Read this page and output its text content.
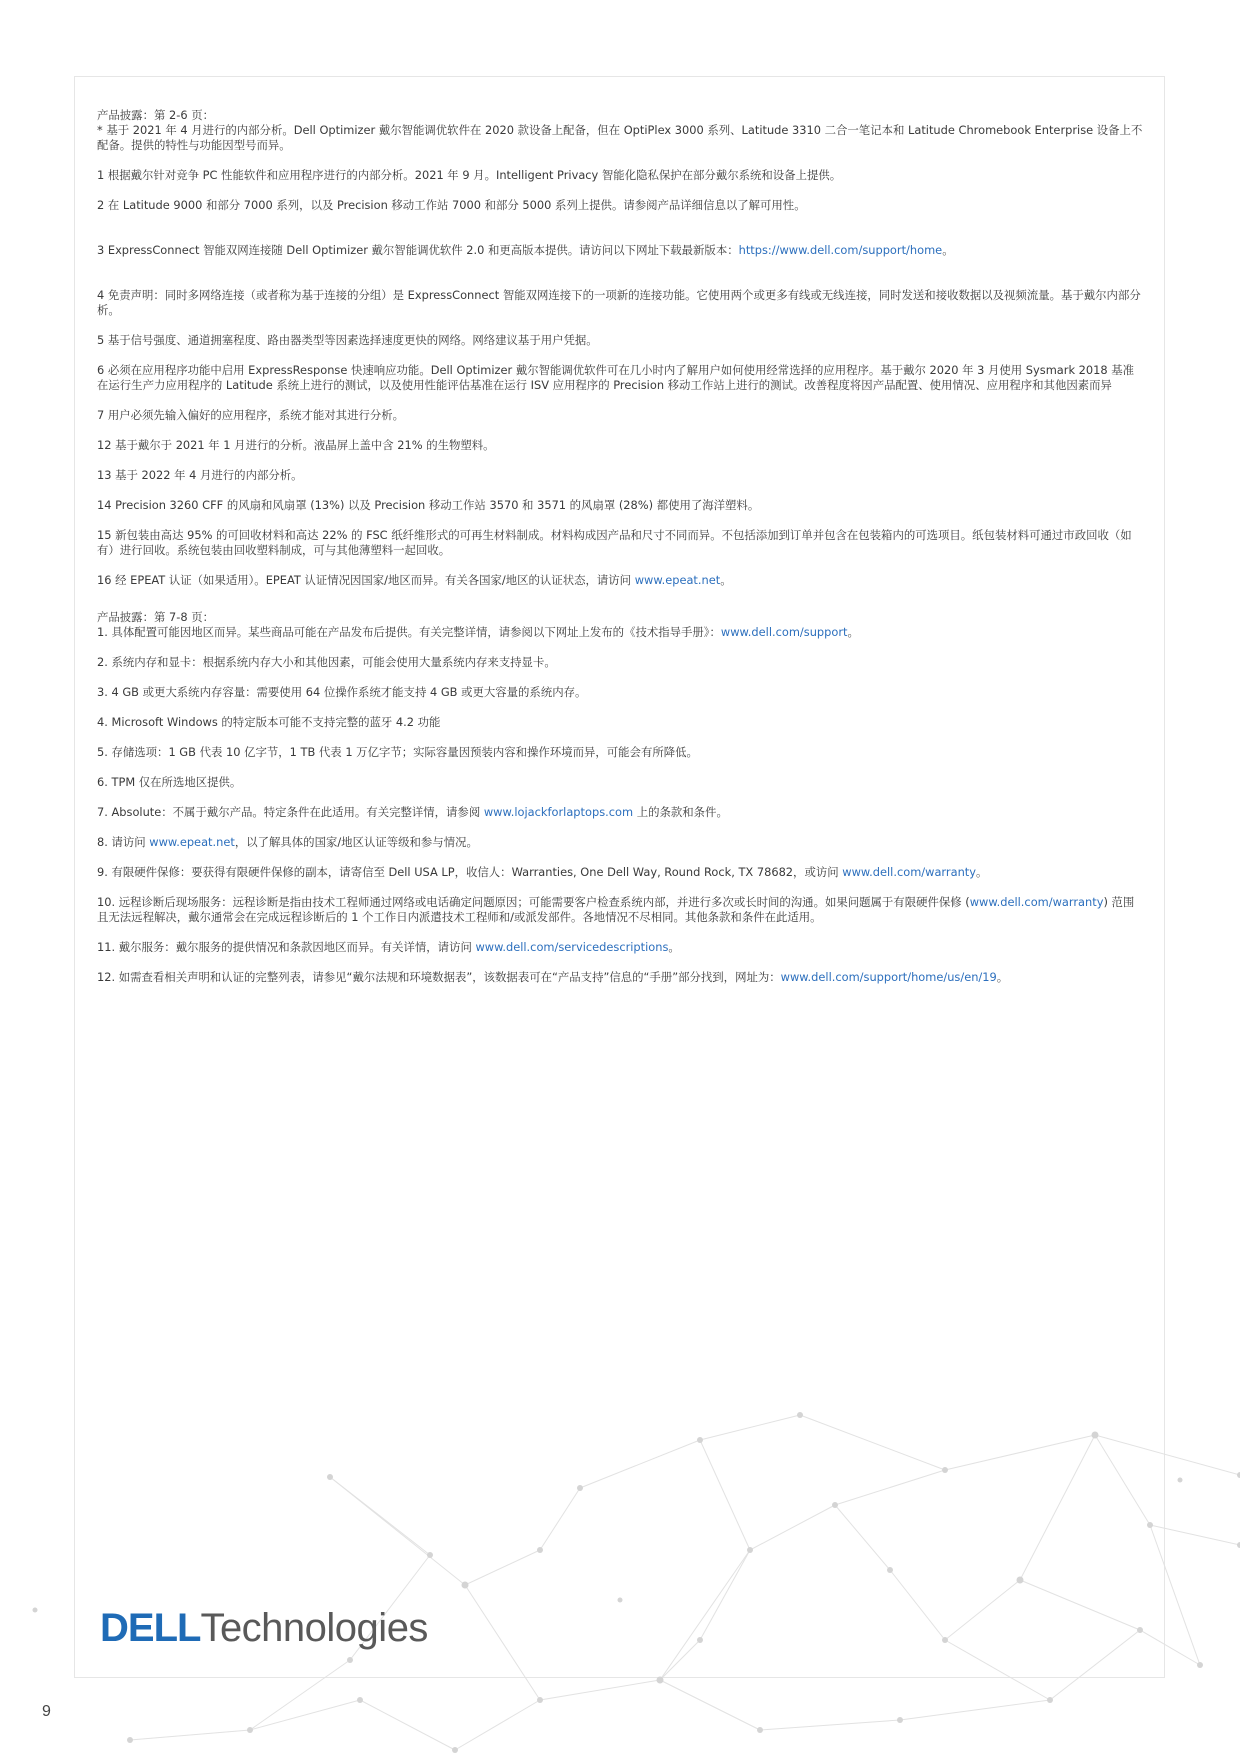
产品披露：第 2-6 页：

* 基于 2021 年 4 月进行的内部分析。Dell Optimizer 戴尔智能调优软件在 2020 款设备上配备，但在 OptiPlex 3000 系列、Latitude 3310 二合一笔记本和 Latitude Chromebook Enterprise 设备上不配备。提供的特性与功能因型号而异。

1 根据戴尔针对竞争 PC 性能软件和应用程序进行的内部分析。2021 年 9 月。Intelligent Privacy 智能化隐私保护在部分戴尔系统和设备上提供。

2 在 Latitude 9000 和部分 7000 系列，以及 Precision 移动工作站 7000 和部分 5000 系列上提供。请参阅产品详细信息以了解可用性。

3 ExpressConnect 智能双网连接随 Dell Optimizer 戴尔智能调优软件 2.0 和更高版本提供。请访问以下网址下载最新版本：https://www.dell.com/support/home。

4 免责声明：同时多网络连接（或者称为基于连接的分组）是 ExpressConnect 智能双网连接下的一项新的连接功能。它使用两个或更多有线或无线连接，同时发送和接收数据以及视频流量。基于戴尔内部分析。

5 基于信号强度、通道拥塞程度、路由器类型等因素选择速度更快的网络。网络建议基于用户凭据。

6 必须在应用程序功能中启用 ExpressResponse 快速响应功能。Dell Optimizer 戴尔智能调优软件可在几小时内了解用户如何使用经常选择的应用程序。基于戴尔 2020 年 3 月使用 Sysmark 2018 基准在运行生产力应用程序的 Latitude 系统上进行的测试，以及使用性能评估基准在运行 ISV 应用程序的 Precision 移动工作站上进行的测试。改善程度将因产品配置、使用情况、应用程序和其他因素而异

7 用户必须先输入偏好的应用程序，系统才能对其进行分析。

12 基于戴尔于 2021 年 1 月进行的分析。液晶屏上盖中含 21% 的生物塑料。

13 基于 2022 年 4 月进行的内部分析。

14 Precision 3260 CFF 的风扇和风扇罩 (13%) 以及 Precision 移动工作站 3570 和 3571 的风扇罩 (28%) 都使用了海洋塑料。

15 新包装由高达 95% 的可回收材料和高达 22% 的 FSC 纸纤维形式的可再生材料制成。材料构成因产品和尺寸不同而异。不包括添加到订单并包含在包装箱内的可选项目。纸包装材料可通过市政回收（如有）进行回收。系统包装由回收塑料制成，可与其他薄塑料一起回收。

16 经 EPEAT 认证（如果适用）。EPEAT 认证情况因国家/地区而异。有关各国家/地区的认证状态，请访问 www.epeat.net。

产品披露：第 7-8 页：

1. 具体配置可能因地区而异。某些商品可能在产品发布后提供。有关完整详情，请参阅以下网址上发布的《技术指导手册》：www.dell.com/support。

2. 系统内存和显卡：根据系统内存大小和其他因素，可能会使用大量系统内存来支持显卡。

3. 4 GB 或更大系统内存容量：需要使用 64 位操作系统才能支持 4 GB 或更大容量的系统内存。

4. Microsoft Windows 的特定版本可能不支持完整的蓝牙 4.2 功能

5. 存储选项：1 GB 代表 10 亿字节，1 TB 代表 1 万亿字节；实际容量因预装内容和操作环境而异，可能会有所降低。

6. TPM 仅在所选地区提供。

7. Absolute：不属于戴尔产品。特定条件在此适用。有关完整详情，请参阅 www.lojackforlaptops.com 上的条款和条件。

8. 请访问 www.epeat.net，以了解具体的国家/地区认证等级和参与情况。

9. 有限硬件保修：要获得有限硬件保修的副本，请寄信至 Dell USA LP，收信人：Warranties, One Dell Way, Round Rock, TX 78682，或访问 www.dell.com/warranty。

10. 远程诊断后现场服务：远程诊断是指由技术工程师通过网络或电话确定问题原因；可能需要客户检查系统内部，并进行多次或长时间的沟通。如果问题属于有限硬件保修 (www.dell.com/warranty) 范围且无法远程解决，戴尔通常会在完成远程诊断后的 1 个工作日内派遣技术工程师和/或派发部件。各地情况不尽相同。其他条款和条件在此适用。

11. 戴尔服务：戴尔服务的提供情况和条款因地区而异。有关详情，请访问 www.dell.com/servicedescriptions。

12. 如需查看相关声明和认证的完整列表，请参见“戴尔法规和环境数据表”，该数据表可在“产品支持”信息的“手册”部分找到，网址为：www.dell.com/support/home/us/en/19。

DΕLL Technologies
9
